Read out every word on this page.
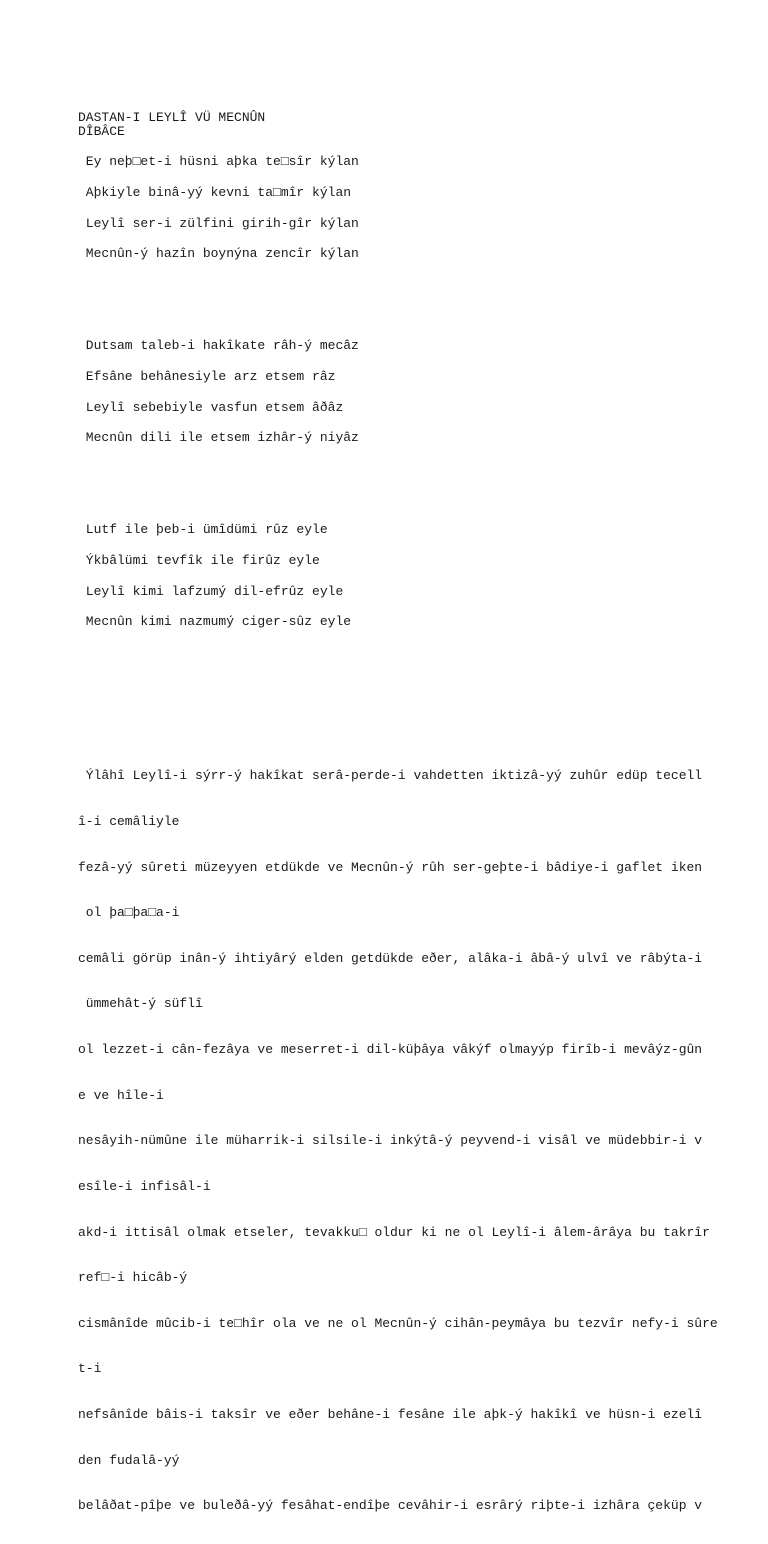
DASTAN-I LEYLÎ VÜ MECNÛN
DÎBÂCE
Ey neþ□et-i hüsni aþka te□sîr kýlan
Aþkiyle binâ-yý kevni ta□mîr kýlan
Leylî ser-i zülfini girih-gîr kýlan
Mecnûn-ý hazîn boynýna zencîr kýlan
Dutsam taleb-i hakîkate râh-ý mecâz
Efsâne behânesiyle arz etsem râz
Leylî sebebiyle vasfun etsem âðâz
Mecnûn dili ile etsem izhâr-ý niyâz
Lutf ile þeb-i ümîdümi rûz eyle
Ýkbâlümi tevfîk ile firûz eyle
Leylî kimi lafzumý dil-efrûz eyle
Mecnûn kimi nazmumý ciger-sûz eyle

Ýlâhî Leylî-i sýrr-ý hakîkat serâ-perde-i vahdetten iktizâ-yý zuhûr edüp tecell

î-i cemâliyle

fezâ-yý sûreti müzeyyen etdükde ve Mecnûn-ý rûh ser-geþte-i bâdiye-i gaflet iken

ol þa□þa□a-i

cemâli görüp inân-ý ihtiyârý elden getdükde eðer, alâka-i âbâ-ý ulvî ve râbýta-i

ümmehât-ý süflî

ol lezzet-i cân-fezâya ve meserret-i dil-küþâya vâkýf olmayýp firîb-i mevâýz-gûn

e ve hîle-i

nesâyih-nümûne ile müharrik-i silsile-i inkýtâ-ý peyvend-i visâl ve müdebbir-i v

esîle-i infisâl-i

akd-i ittisâl olmak etseler, tevakku□ oldur ki ne ol Leylî-i âlem-ârâya bu takrîr

ref□-i hicâb-ý

cismânîde mûcib-i te□hîr ola ve ne ol Mecnûn-ý cihân-peymâya bu tezvîr nefy-i sûre

t-i

nefsânîde bâis-i taksîr ve eðer behâne-i fesâne ile aþk-ý hakîkî ve hüsn-i ezelî

den fudalâ-yý

belâðat-pîþe ve buleðâ-yý fesâhat-endîþe cevâhir-i esrârý riþte-i izhâra çeküp v
